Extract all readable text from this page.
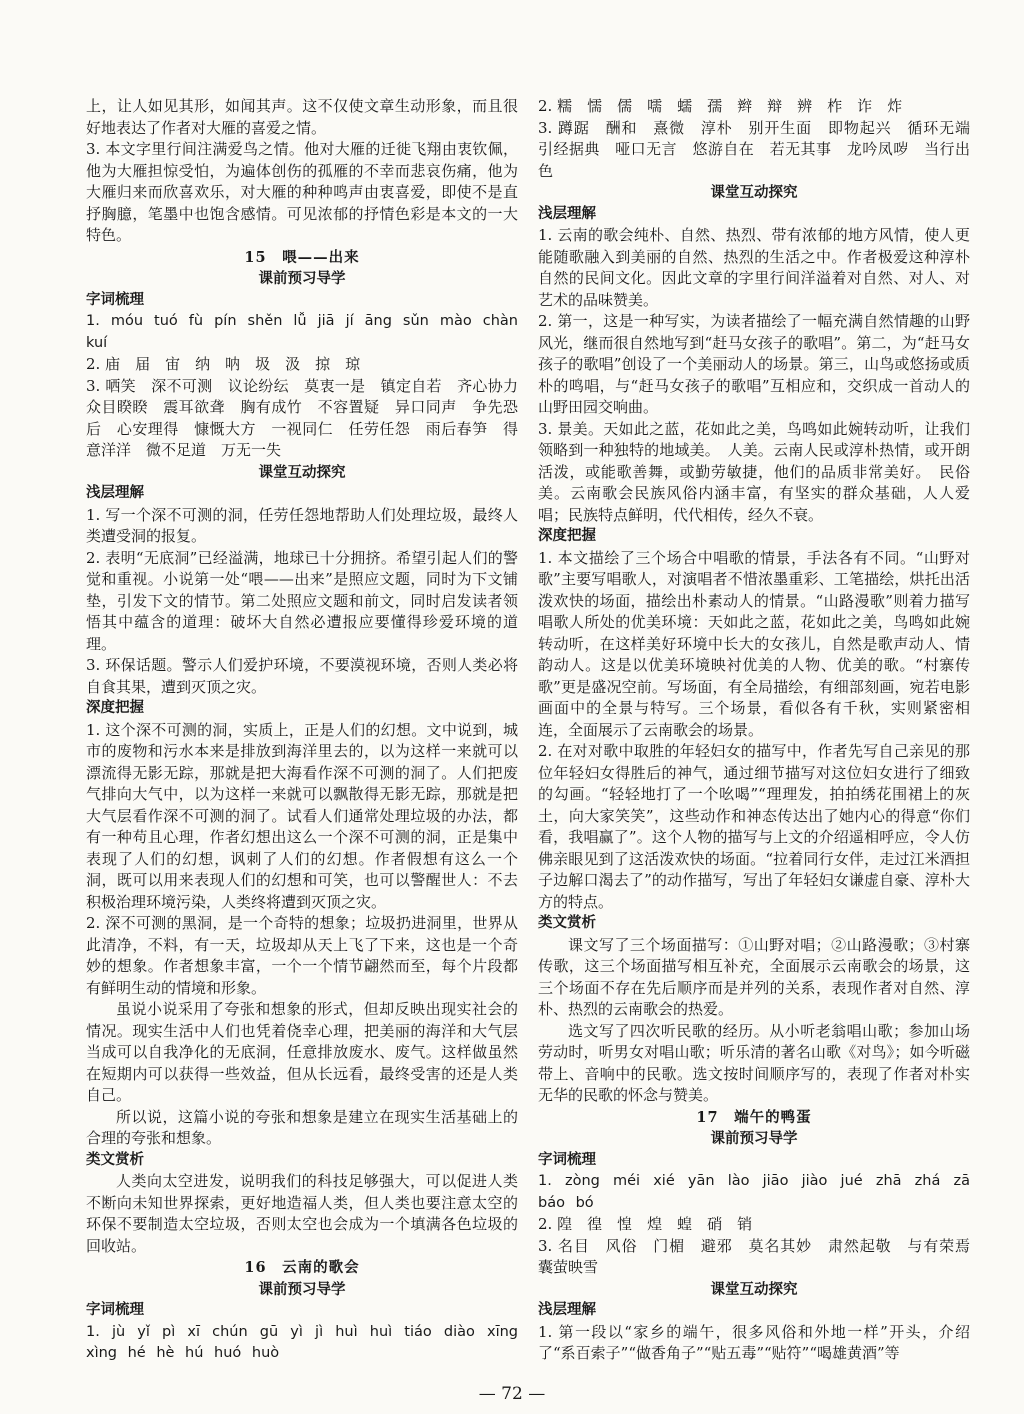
上，让人如见其形，如闻其声。这不仅使文章生动形象，而且很好地表达了作者对大雁的喜爱之情。

3. 本文字里行间注满爱鸟之情。他对大雁的迁徙飞翔由衷钦佩，他为大雁担惊受怕，为遍体创伤的孤雁的不幸而悲哀伤痛，他为大雁归来而欣喜欢乐，对大雁的种种鸣声由衷喜爱，即使不是直抒胸臆，笔墨中也饱含感情。可见浓郁的抒情色彩是本文的一大特色。

15　喂——出来

课前预习导学

字词梳理

1. móu tuó fù pín shěn lǚ jiā jí āng sǔn mào chàn kuí

2. 庙　届　宙　纳　呐　圾　汲　掠　琼

3. 哂笑　深不可测　议论纷纭　莫衷一是　镇定自若　齐心协力　众目睽睽　震耳欲聋　胸有成竹　不容置疑　异口同声　争先恐后　心安理得　慷慨大方　一视同仁　任劳任怨　雨后春笋　得意洋洋　微不足道　万无一失

课堂互动探究

浅层理解

1. 写一个深不可测的洞，任劳任怨地帮助人们处理垃圾，最终人类遭受洞的报复。

2. 表明“无底洞”已经溢满，地球已十分拥挤。希望引起人们的警觉和重视。小说第一处“喂——出来”是照应文题，同时为下文铺垫，引发下文的情节。第二处照应文题和前文，同时启发读者领悟其中蕴含的道理：破坏大自然必遭报应要懂得珍爱环境的道理。

3. 环保话题。警示人们爱护环境，不要漠视环境，否则人类必将自食其果，遭到灭顶之灾。

深度把握

1. 这个深不可测的洞，实质上，正是人们的幻想。文中说到，城市的废物和污水本来是排放到海洋里去的，以为这样一来就可以漂流得无影无踪，那就是把大海看作深不可测的洞了。人们把废气排向大气中，以为这样一来就可以飘散得无影无踪，那就是把大气层看作深不可测的洞了。试看人们通常处理垃圾的办法，都有一种苟且心理，作者幻想出这么一个深不可测的洞，正是集中表现了人们的幻想，讽刺了人们的幻想。作者假想有这么一个洞，既可以用来表现人们的幻想和可笑，也可以警醒世人：不去积极治理环境污染，人类终将遭到灭顶之灾。

2. 深不可测的黑洞，是一个奇特的想象；垃圾扔进洞里，世界从此清净，不料，有一天，垃圾却从天上飞了下来，这也是一个奇妙的想象。作者想象丰富，一个一个情节翩然而至，每个片段都有鲜明生动的情境和形象。

虽说小说采用了夸张和想象的形式，但却反映出现实社会的情况。现实生活中人们也凭着侥幸心理，把美丽的海洋和大气层当成可以自我净化的无底洞，任意排放废水、废气。这样做虽然在短期内可以获得一些效益，但从长远看，最终受害的还是人类自己。

所以说，这篇小说的夸张和想象是建立在现实生活基础上的合理的夸张和想象。

类文赏析

人类向太空进发，说明我们的科技足够强大，可以促进人类不断向未知世界探索，更好地造福人类，但人类也要注意太空的环保不要制造太空垃圾，否则太空也会成为一个填满各色垃圾的回收站。

16　云南的歌会

课前预习导学

字词梳理

1. jù yǐ pì xī chún gū yì jì huì huì tiáo diào xīng xìng hé hè hú huó huò

2. 糯　懦　儒　嚅　蠕　孺　辫　辩　辨　柞　诈　炸

3. 蹲踞　酬和　熹微　淳朴　别开生面　即物起兴　循环无端　引经据典　哑口无言　悠游自在　若无其事　龙吟凤哕　当行出色

课堂互动探究

浅层理解

1. 云南的歌会纯朴、自然、热烈、带有浓郁的地方风情，使人更能随歌融入到美丽的自然、热烈的生活之中。作者极爱这种淳朴自然的民间文化。因此文章的字里行间洋溢着对自然、对人、对艺术的品味赞美。

2. 第一，这是一种写实，为读者描绘了一幅充满自然情趣的山野风光，继而很自然地写到“赶马女孩子的歌唱”。第二，为“赶马女孩子的歌唱”创设了一个美丽动人的场景。第三，山鸟或悠扬或质朴的鸣唱，与“赶马女孩子的歌唱”互相应和，交织成一首动人的山野田园交响曲。

3. 景美。天如此之蓝，花如此之美，鸟鸣如此婉转动听，让我们领略到一种独特的地域美。　人美。云南人民或淳朴热情，或开朗活泼，或能歌善舞，或勤劳敏捷，他们的品质非常美好。　民俗美。云南歌会民族风俗内涵丰富，有坚实的群众基础，人人爱唱；民族特点鲜明，代代相传，经久不衰。

深度把握

1. 本文描绘了三个场合中唱歌的情景，手法各有不同。“山野对歌”主要写唱歌人，对演唱者不惜浓墨重彩、工笔描绘，烘托出活泼欢快的场面，描绘出朴素动人的情景。“山路漫歌”则着力描写唱歌人所处的优美环境：天如此之蓝，花如此之美，鸟鸣如此婉转动听，在这样美好环境中长大的女孩儿，自然是歌声动人、情韵动人。这是以优美环境映衬优美的人物、优美的歌。“村寨传歌”更是盛况空前。写场面，有全局描绘，有细部刻画，宛若电影画面中的全景与特写。三个场景，看似各有千秋，实则紧密相连，全面展示了云南歌会的场景。

2. 在对对歌中取胜的年轻妇女的描写中，作者先写自己亲见的那位年轻妇女得胜后的神气，通过细节描写对这位妇女进行了细致的勾画。“轻轻地打了一个吆喝”“理理发，拍拍绣花围裙上的灰土，向大家笑笑”，这些动作和神态传达出了她内心的得意“你们看，我唱赢了”。这个人物的描写与上文的介绍遥相呼应，令人仿佛亲眼见到了这活泼欢快的场面。“拉着同行女伴，走过江米酒担子边解口渴去了”的动作描写，写出了年轻妇女谦虚自豪、淳朴大方的特点。

类文赏析

课文写了三个场面描写：①山野对唱；②山路漫歌；③村寨传歌，这三个场面描写相互补充，全面展示云南歌会的场景，这三个场面不存在先后顺序而是并列的关系，表现作者对自然、淳朴、热烈的云南歌会的热爱。

选文写了四次听民歌的经历。从小听老翁唱山歌；参加山场劳动时，听男女对唱山歌；听乐清的著名山歌《对鸟》；如今听磁带上、音响中的民歌。选文按时间顺序写的，表现了作者对朴实无华的民歌的怀念与赞美。

17　端午的鸭蛋

课前预习导学

字词梳理

1. zòng méi xié yān lào jiāo jiào jué zhā zhá zā báo bó

2. 隍　徨　惶　煌　蝗　硝　销

3. 名目　风俗　门楣　避邪　莫名其妙　肃然起敬　与有荣焉　囊萤映雪

课堂互动探究

浅层理解

1. 第一段以“家乡的端午，很多风俗和外地一样”开头，介绍了“系百索子”“做香角子”“贴五毒”“贴符”“喝雄黄酒”等

— 72 —
